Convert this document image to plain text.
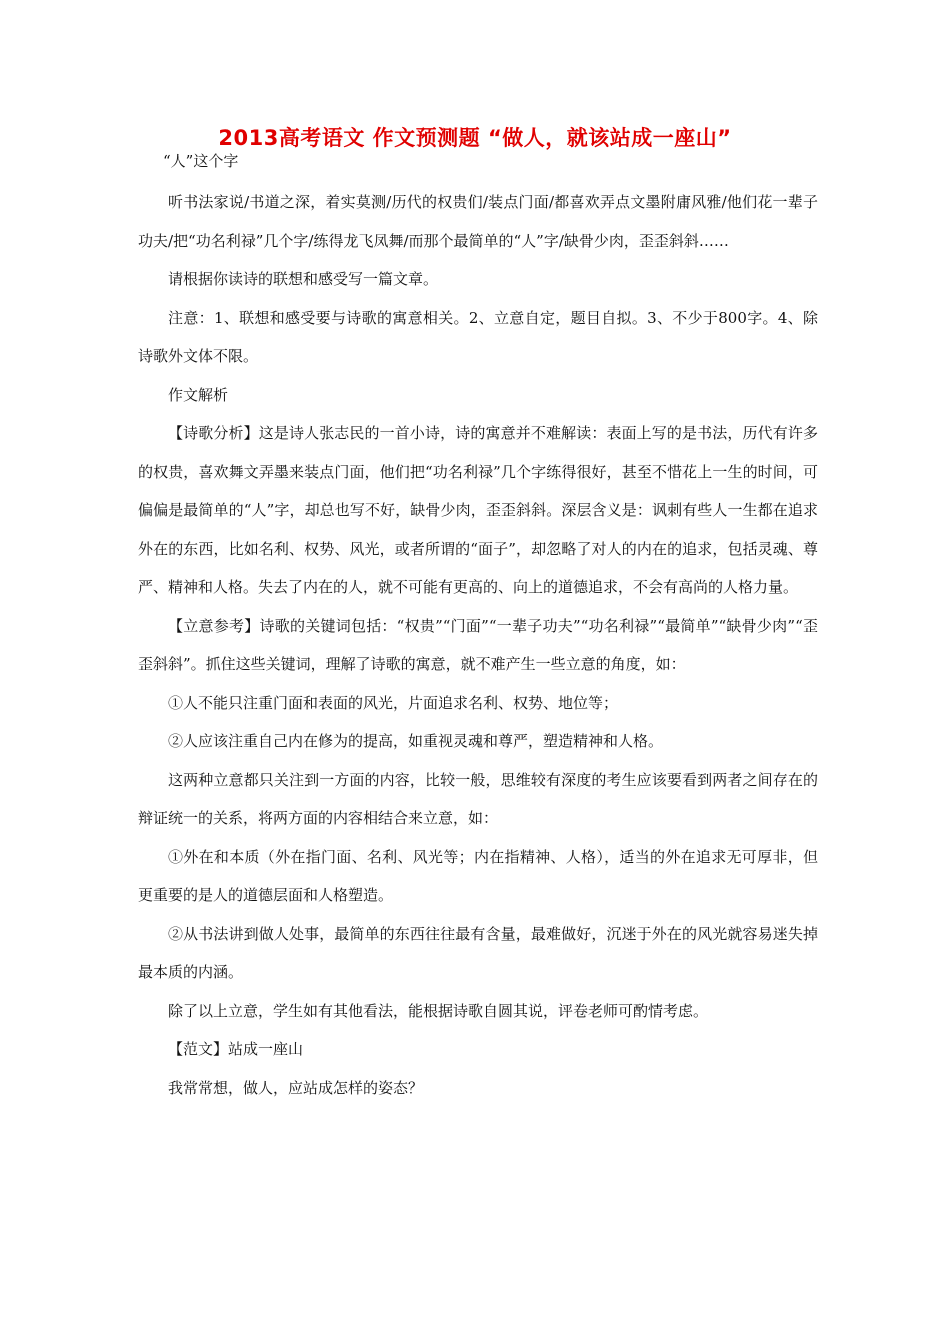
2013高考语文 作文预测题 “做人，就该站成一座山”
“人”这个字

听书法家说/书道之深，着实莫测/历代的权贵们/装点门面/都喜欢弄点文墨附庸风雅/他们花一辈子功夫/把“功名利禄”几个字/练得龙飞凤舞/而那个最简单的“人”字/缺骨少肉，歪歪斜斜……

请根据你读诗的联想和感受写一篇文章。

注意：1、联想和感受要与诗歌的寓意相关。2、立意自定，题目自拟。3、不少于800字。4、除诗歌外文体不限。

作文解析

【诗歌分析】这是诗人张志民的一首小诗，诗的寓意并不难解读：表面上写的是书法，历代有许多的权贵，喜欢舞文弄墨来装点门面，他们把“功名利禄”几个字练得很好，甚至不惜花上一生的时间，可偏偏是最简单的“人”字，却总也写不好，缺骨少肉，歪歪斜斜。深层含义是：讽刺有些人一生都在追求外在的东西，比如名利、权势、风光，或者所谓的“面子”，却忽略了对人的内在的追求，包括灵魂、尊严、精神和人格。失去了内在的人，就不可能有更高的、向上的道德追求，不会有高尚的人格力量。

【立意参考】诗歌的关键词包括：“权贵”“门面”“一辈子功夫”“功名利禄”“最简单”“缺骨少肉”“歪歪斜斜”。抓住这些关键词，理解了诗歌的寓意，就不难产生一些立意的角度，如：

①人不能只注重门面和表面的风光，片面追求名利、权势、地位等；

②人应该注重自己内在修为的提高，如重视灵魂和尊严，塑造精神和人格。

这两种立意都只关注到一方面的内容，比较一般，思维较有深度的考生应该要看到两者之间存在的辩证统一的关系，将两方面的内容相结合来立意，如：

①外在和本质（外在指门面、名利、风光等；内在指精神、人格），适当的外在追求无可厚非，但更重要的是人的道德层面和人格塑造。

②从书法讲到做人处事，最简单的东西往往最有含量，最难做好，沉迷于外在的风光就容易迷失掉最本质的内涵。

除了以上立意，学生如有其他看法，能根据诗歌自圆其说，评卷老师可酌情考虑。

【范文】站成一座山

我常常想，做人，应站成怎样的姿态？
